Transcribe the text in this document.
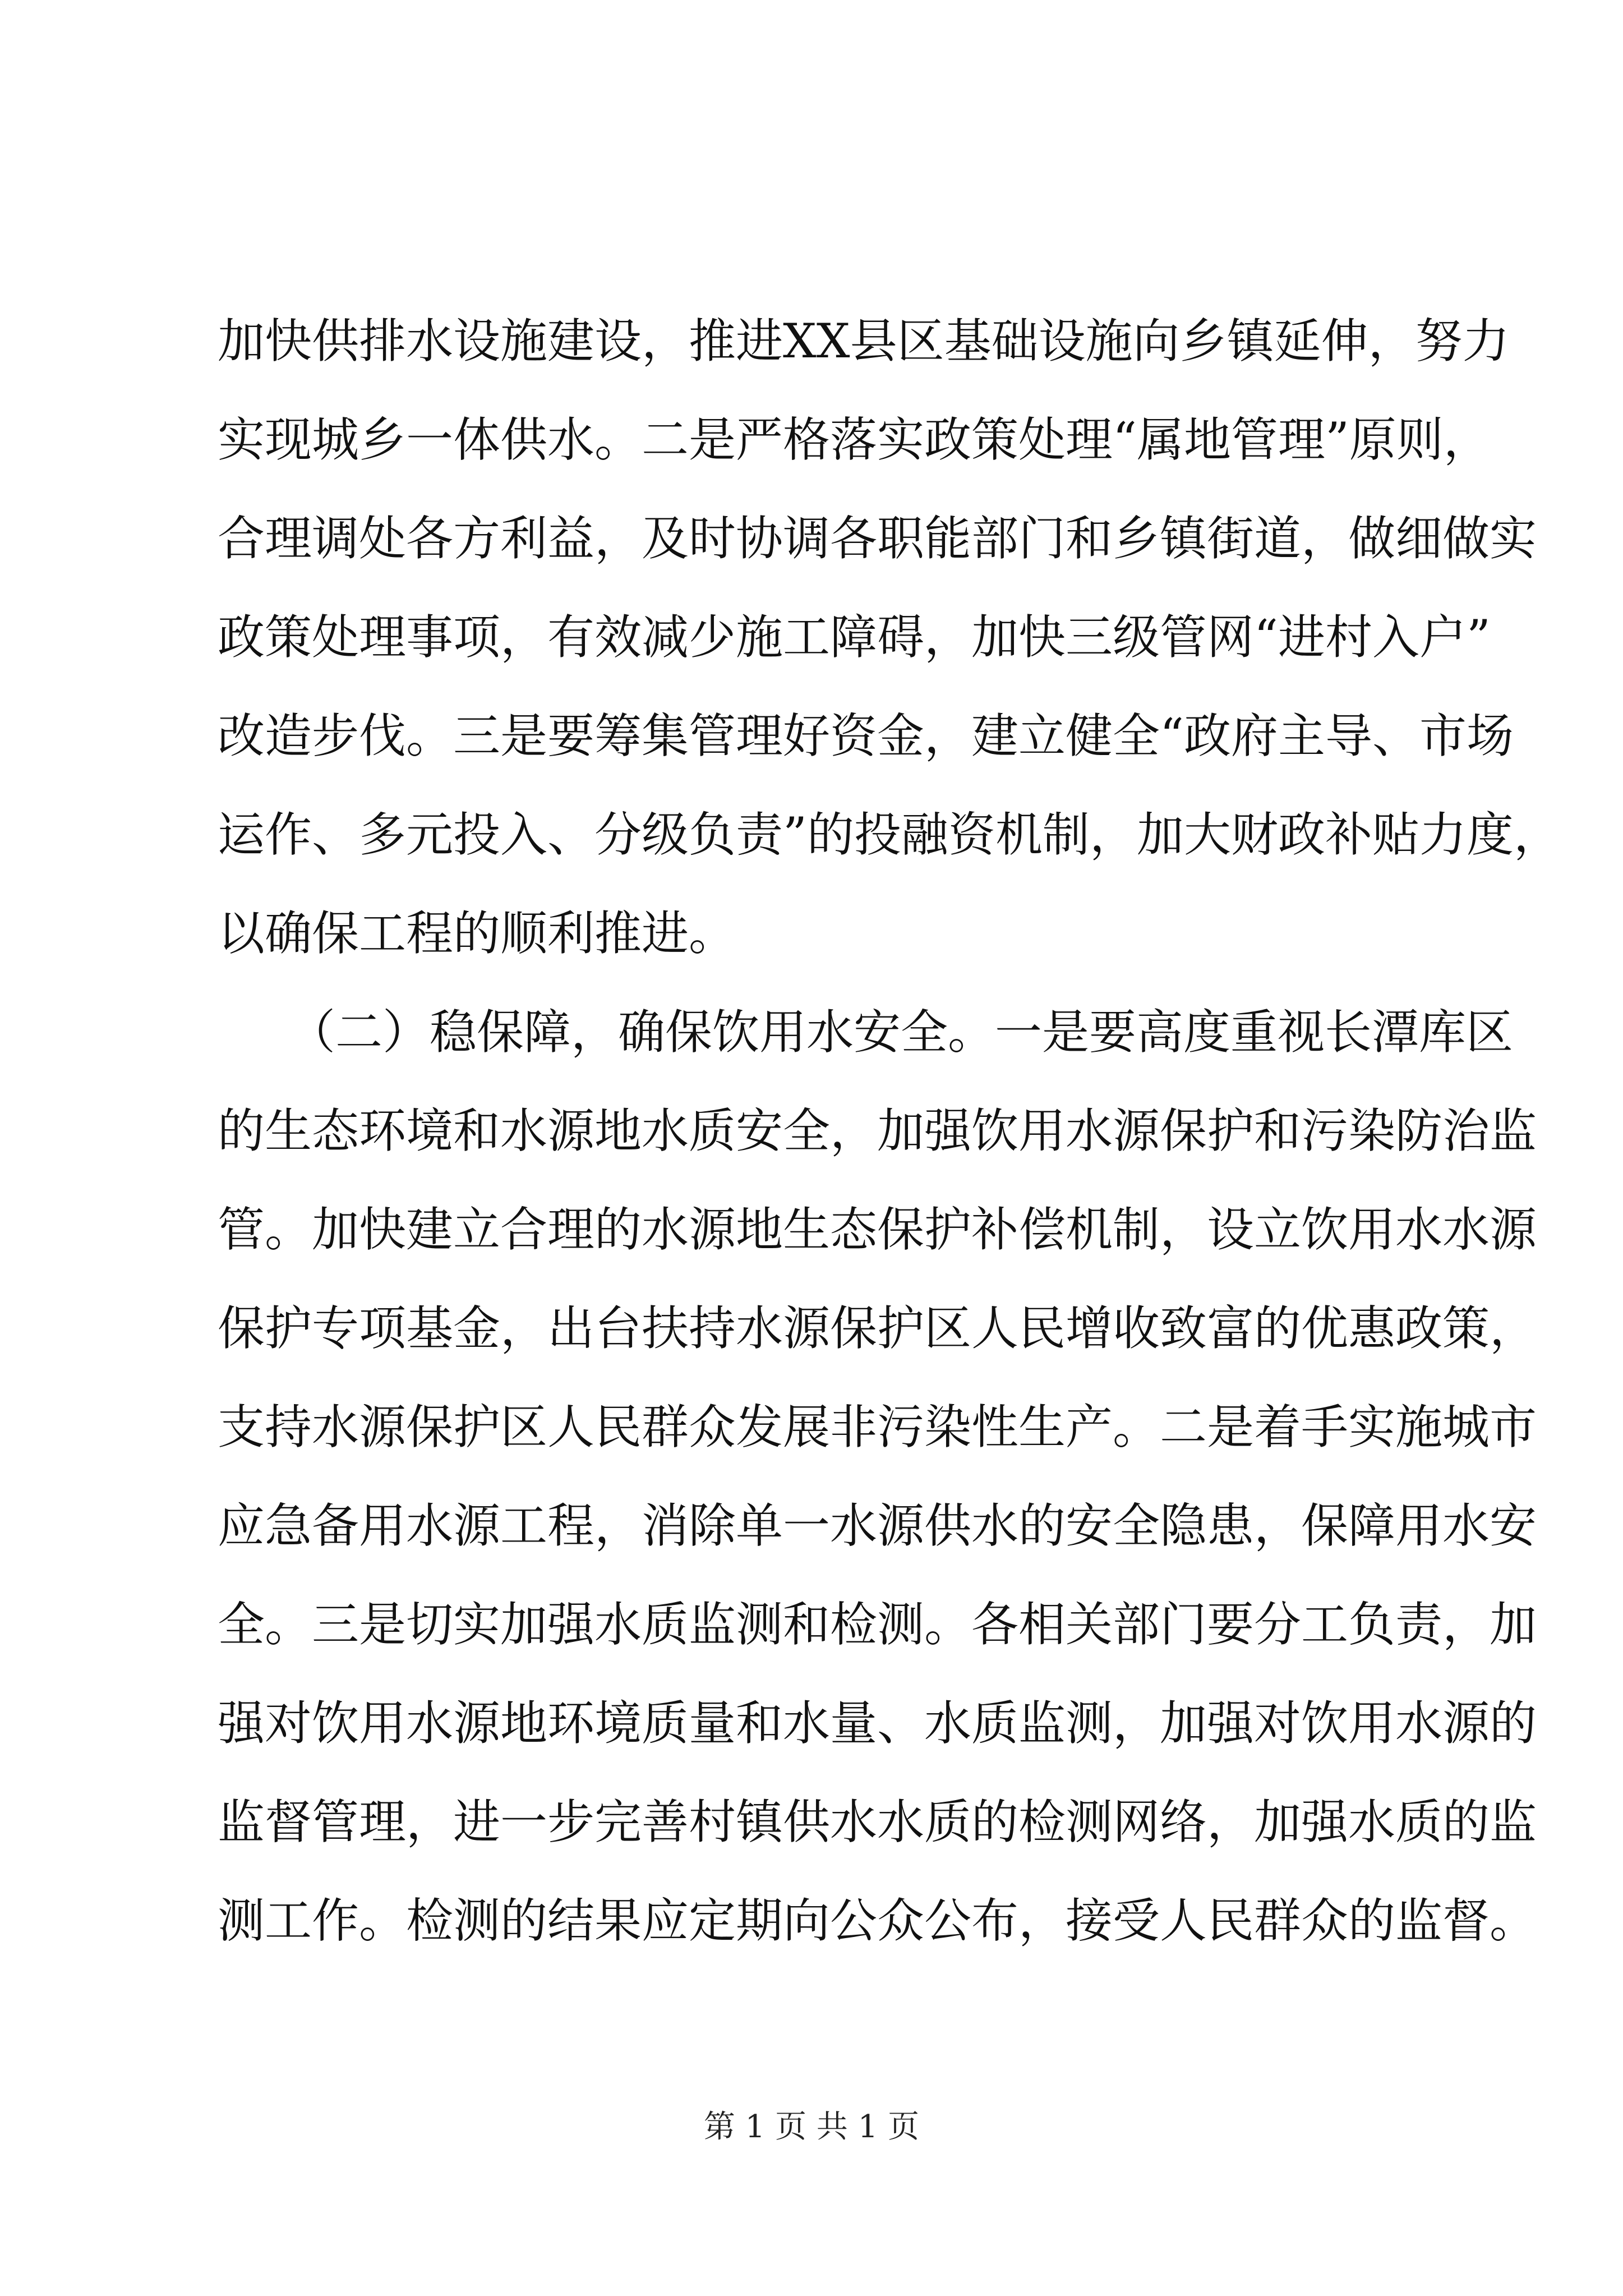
加快供排水设施建设，推进XX县区基础设施向乡镇延伸，努力
实现城乡一体供水。二是严格落实政策处理“属地管理”原则，
合理调处各方利益，及时协调各职能部门和乡镇街道，做细做实
政策处理事项，有效减少施工障碍，加快三级管网“进村入户”
改造步伐。三是要筹集管理好资金，建立健全“政府主导、市场
运作、多元投入、分级负责”的投融资机制，加大财政补贴力度，
以确保工程的顺利推进。
　　（二）稳保障，确保饮用水安全。一是要高度重视长潭库区
的生态环境和水源地水质安全，加强饮用水源保护和污染防治监
管。加快建立合理的水源地生态保护补偿机制，设立饮用水水源
保护专项基金，出台扶持水源保护区人民增收致富的优惠政策，
支持水源保护区人民群众发展非污染性生产。二是着手实施城市
应急备用水源工程，消除单一水源供水的安全隐患，保障用水安
全。三是切实加强水质监测和检测。各相关部门要分工负责，加
强对饮用水源地环境质量和水量、水质监测，加强对饮用水源的
监督管理，进一步完善村镇供水水质的检测网络，加强水质的监
测工作。检测的结果应定期向公众公布，接受人民群众的监督。
第 1 页 共 1 页
